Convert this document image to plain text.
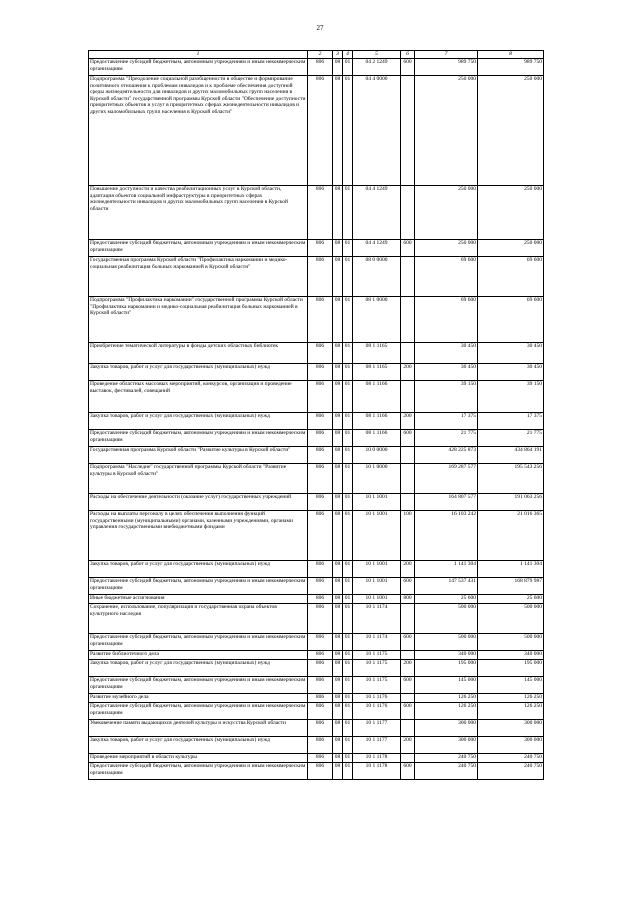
27
1	2	3	4	5	6	7	8
Предоставление субсидий бюджетным, автономным учреждениям и иным некоммерческим организациям	806	08	01	04 2 1249	600	989 750	989 750
Подпрограмма "Преодоление социальной разобщенности в обществе и формирование позитивного отношения к проблемам инвалидов и к проблеме обеспечения доступной среды жизнедеятельности для инвалидов и других маломобильных групп населения в Курской области" государственной программы Курской области "Обеспечение доступности приоритетных объектов и услуг в приоритетных сферах жизнедеятельности инвалидов и других маломобильных групп населения в Курской области"	806	08	01	04 4 0000		250 000	250 000
Повышение доступности и качества реабилитационных услуг в Курской области, адаптация объектов социальной инфраструктуры в приоритетных сферах жизнедеятельности инвалидов и других маломобильных групп населения в Курской области	806	08	01	04 4 1249		250 000	250 000
Предоставление субсидий бюджетным, автономным учреждениям и иным некоммерческим организациям	806	08	01	04 4 1249	600	250 000	250 000
Государственная программа Курской области "Профилактика наркомании и медико-социальная реабилитация больных наркоманией в Курской области"	806	08	01	08 0 0000		69 600	69 600
Подпрограмма "Профилактика наркомании" государственной программы Курской области "Профилактика наркомании и медико-социальная реабилитация больных наркоманией в Курской области"	806	08	01	08 1 0000		69 600	69 600
Приобретение тематической литературы в фонды детских областных библиотек	806	08	01	08 1 1165		30 450	30 450
Закупка товаров, работ и услуг для государственных (муниципальных) нужд	806	08	01	08 1 1165	200	30 450	30 450
Проведение областных массовых мероприятий, конкурсов, организация и проведение выставок, фестивалей, совещаний	806	08	01	08 1 1166		39 150	39 150
Закупка товаров, работ и услуг для государственных (муниципальных) нужд	806	08	01	08 1 1166	200	17 375	17 375
Предоставление субсидий бюджетным, автономным учреждениям и иным некоммерческим организациям	806	08	01	08 1 1166	600	21 775	21 775
Государственная программа Курской области "Развитие культуры в Курской области"	806	08	01	10 0 0000		428 225 873	434 864 191
Подпрограмма "Наследие" государственной программы Курской области "Развитие культуры в Курской области"	806	08	01	10 1 0000		169 287 577	195 543 256
Расходы на обеспечение деятельности (оказание услуг) государственных учреждений	806	08	01	10 1 1001		164 807 577	191 063 256
Расходы на выплаты персоналу в целях обеспечения выполнения функций государственными (муниципальными) органами, казенными учреждениями, органами управления государственными внебюджетными фондами	806	08	01	10 1 1001	100	16 103 242	21 016 365
Закупка товаров, работ и услуг для государственных (муниципальных) нужд	806	08	01	10 1 1001	200	1 141 304	1 141 304
Предоставление субсидий бюджетным, автономным учреждениям и иным некоммерческим организациям	806	08	01	10 1 1001	600	147 537 431	168 879 987
Иные бюджетные ассигнования	806	08	01	10 1 1001	800	25 600	25 600
Сохранение, использование, популяризация и государственная охрана объектов культурного наследия	806	08	01	10 1 1174		500 000	500 000
Предоставление субсидий бюджетным, автономным учреждениям и иным некоммерческим организациям	806	08	01	10 1 1174	600	500 000	500 000
Развитие библиотечного дела	806	08	01	10 1 1175		340 000	340 000
Закупка товаров, работ и услуг для государственных (муниципальных) нужд	806	08	01	10 1 1175	200	195 000	195 000
Предоставление субсидий бюджетным, автономным учреждениям и иным некоммерческим организациям	806	08	01	10 1 1175	600	145 000	145 000
Развитие музейного дела	806	08	01	10 1 1176		126 250	126 250
Предоставление субсидий бюджетным, автономным учреждениям и иным некоммерческим организациям	806	08	01	10 1 1176	600	126 250	126 250
Увековечение памяти выдающихся деятелей культуры и искусства Курской области	806	08	01	10 1 1177		300 000	300 000
Закупка товаров, работ и услуг для государственных (муниципальных) нужд	806	08	01	10 1 1177	200	300 000	300 000
Проведение мероприятий в области культуры	806	08	01	10 1 1178		240 750	240 750
Предоставление субсидий бюджетным, автономным учреждениям и иным некоммерческим организациям	806	08	01	10 1 1178	600	240 750	240 750
